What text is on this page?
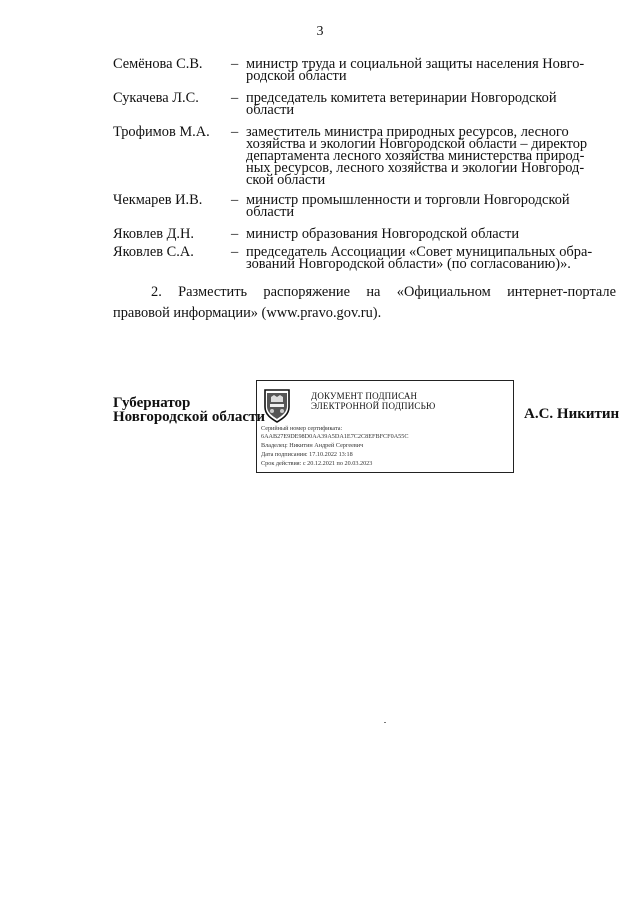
3
Семёнова С.В.	– министр труда и социальной защиты населения Новго-
родской области
Сукачева Л.С.	– председатель комитета ветеринарии Новгородской
области
Трофимов М.А.	– заместитель министра природных ресурсов, лесного
хозяйства и экологии Новгородской области – директор
департамента лесного хозяйства министерства природ-
ных ресурсов, лесного хозяйства и экологии Новгород-
ской области
Чекмарев И.В.	– министр промышленности и торговли Новгородской
области
Яковлев Д.Н.	– министр образования Новгородской области
Яковлев С.А.	– председатель Ассоциации «Совет муниципальных обра-
зований Новгородской области» (по согласованию)».
2. Разместить распоряжение на «Официальном интернет-портале
правовой информации» (www.pravo.gov.ru).
Губернатор
Новгородской области
ДОКУМЕНТ ПОДПИСАН
ЭЛЕКТРОННОЙ ПОДПИСЬЮ
Серийный номер сертификата:
6AAB27E9DE98D0AA39A5DA1E7C2C8EFBFCF0A55C
Владелец: Никитин Андрей Сергеевич
Дата подписания: 17.10.2022 13:18
Срок действия: с 20.12.2021 по 20.03.2023
А.С. Никитин
